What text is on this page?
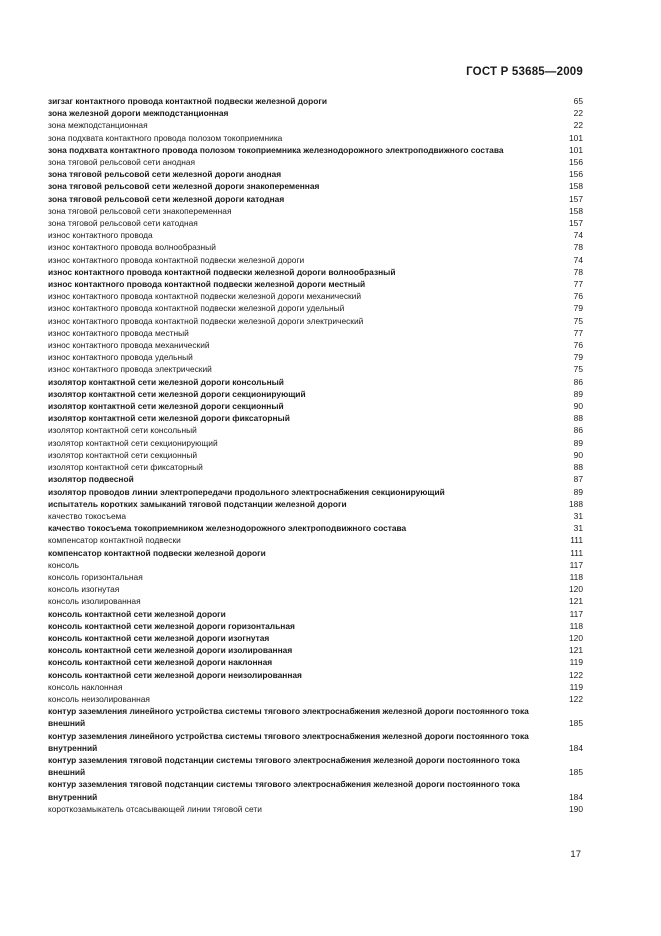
ГОСТ Р 53685—2009
зигзаг контактного провода контактной подвески железной дороги	65
зона железной дороги межподстанционная	22
зона межподстанционная	22
зона подхвата контактного провода полозом токоприемника	101
зона подхвата контактного провода полозом токоприемника железнодорожного электроподвижного состава	101
зона тяговой рельсовой сети анодная	156
зона тяговой рельсовой сети железной дороги анодная	156
зона тяговой рельсовой сети железной дороги знакопеременная	158
зона тяговой рельсовой сети железной дороги катодная	157
зона тяговой рельсовой сети знакопеременная	158
зона тяговой рельсовой сети катодная	157
износ контактного провода	74
износ контактного провода волнообразный	78
износ контактного провода контактной подвески железной дороги	74
износ контактного провода контактной подвески железной дороги волнообразный	78
износ контактного провода контактной подвески железной дороги местный	77
износ контактного провода контактной подвески железной дороги механический	76
износ контактного провода контактной подвески железной дороги удельный	79
износ контактного провода контактной подвески железной дороги электрический	75
износ контактного провода местный	77
износ контактного провода механический	76
износ контактного провода удельный	79
износ контактного провода электрический	75
изолятор контактной сети железной дороги консольный	86
изолятор контактной сети железной дороги секционирующий	89
изолятор контактной сети железной дороги секционный	90
изолятор контактной сети железной дороги фиксаторный	88
изолятор контактной сети консольный	86
изолятор контактной сети секционирующий	89
изолятор контактной сети секционный	90
изолятор контактной сети фиксаторный	88
изолятор подвесной	87
изолятор проводов линии электропередачи продольного электроснабжения секционирующий	89
испытатель коротких замыканий тяговой подстанции железной дороги	188
качество токосъема	31
качество токосъема токоприемником железнодорожного электроподвижного состава	31
компенсатор контактной подвески	111
компенсатор контактной подвески железной дороги	111
консоль	117
консоль горизонтальная	118
консоль изогнутая	120
консоль изолированная	121
консоль контактной сети железной дороги	117
консоль контактной сети железной дороги горизонтальная	118
консоль контактной сети железной дороги изогнутая	120
консоль контактной сети железной дороги изолированная	121
консоль контактной сети железной дороги наклонная	119
консоль контактной сети железной дороги неизолированная	122
консоль наклонная	119
консоль неизолированная	122
контур заземления линейного устройства системы тягового электроснабжения железной дороги постоянного тока внешний	185
контур заземления линейного устройства системы тягового электроснабжения железной дороги постоянного тока внутренний	184
контур заземления тяговой подстанции системы тягового электроснабжения железной дороги постоянного тока внешний	185
контур заземления тяговой подстанции системы тягового электроснабжения железной дороги постоянного тока внутренний	184
короткозамыкатель отсасывающей линии тяговой сети	190
17
